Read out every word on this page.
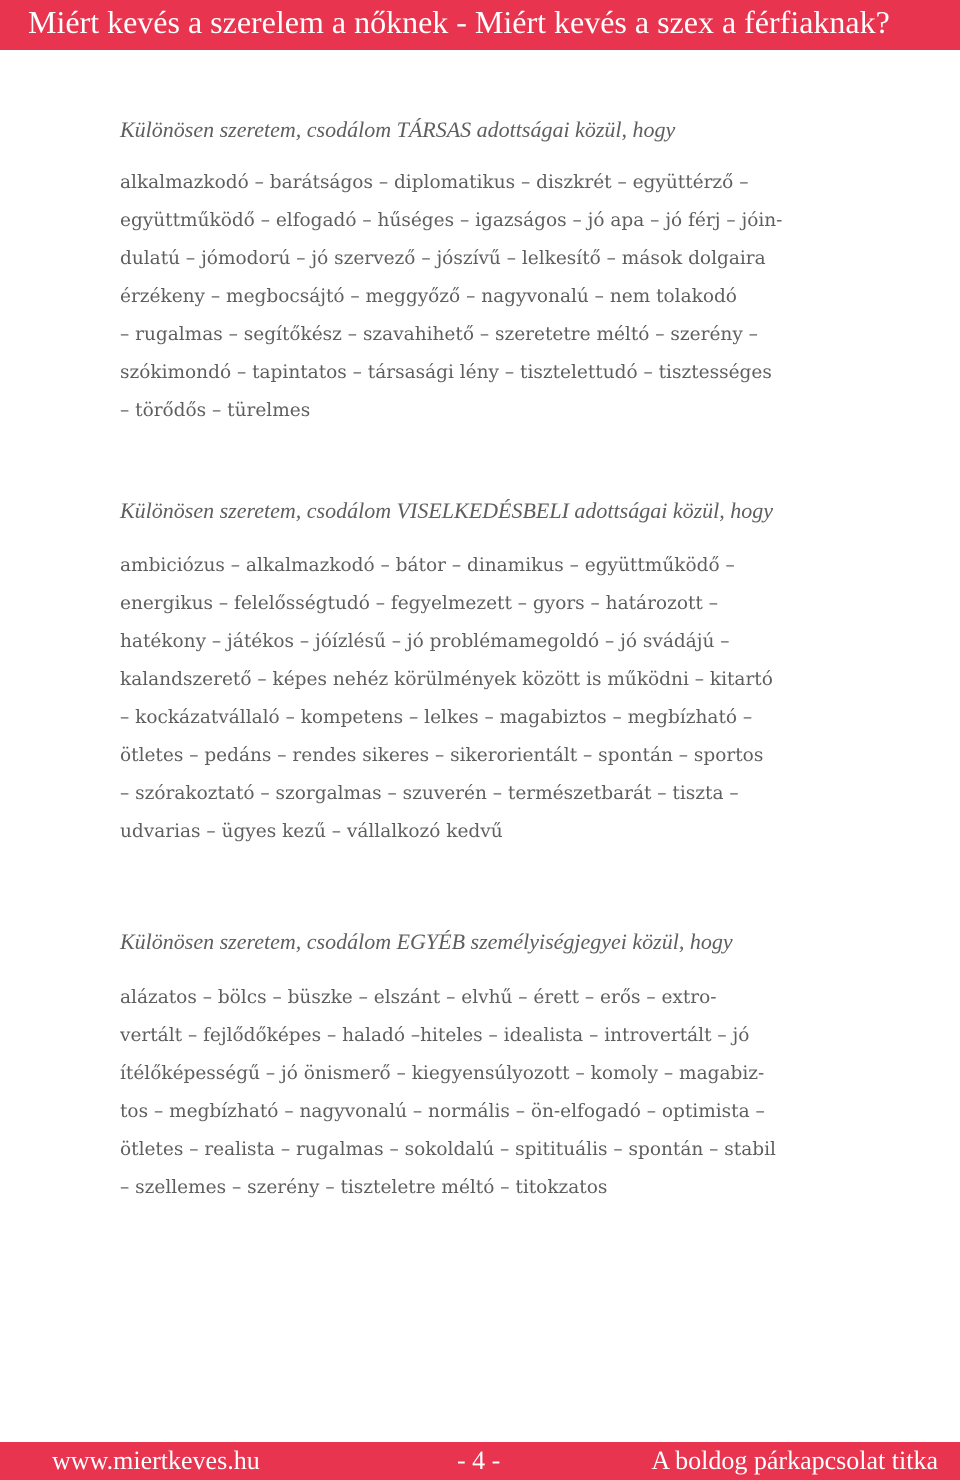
Miért kevés a szerelem a nőknek - Miért kevés a szex a férfiaknak?
Különösen szeretem, csodálom TÁRSAS adottságai közül, hogy
alkalmazkodó – barátságos – diplomatikus – diszkrét – együttérző –
együttműködő – elfogadó – hűséges – igazságos – jó apa – jó férj – jóin-
dulatú – jómodorú – jó szervező – jószívű – lelkesítő – mások dolgaira
érzékeny – megbocsájtó – meggyőző – nagyvonalú – nem tolakodó
– rugalmas – segítőkész – szavahihető – szeretetre méltó – szerény –
szókimondó – tapintatos – társasági lény – tisztelettudó – tisztességes
– törődős – türelmes
Különösen szeretem, csodálom VISELKEDÉSBELI adottságai közül, hogy
ambiciózus – alkalmazkodó – bátor – dinamikus – együttműködő –
energikus – felelősségtudó – fegyelmezett – gyors – határozott –
hatékony – játékos – jóízlésű – jó problémamegoldó – jó svádájú –
kalandszerető – képes nehéz körülmények között is működni – kitartó
– kockázatvállaló – kompetens – lelkes – magabiztos – megbízható –
ötletes – pedáns – rendes sikeres – sikerorientált – spontán – sportos
– szórakoztató – szorgalmas – szuverén – természetbarát – tiszta –
udvarias – ügyes kezű – vállalkozó kedvű
Különösen szeretem, csodálom EGYÉB személyiségjegyei közül, hogy
alázatos – bölcs – büszke – elszánt – elvhű – érett – erős – extro-
vertált – fejlődőképes – haladó –hiteles – idealista – introvertált – jó
ítélőképességű – jó önismerő – kiegyensúlyozott – komoly – magabiz-
tos – megbízható – nagyvonalú – normális – ön-elfogadó – optimista –
ötletes – realista – rugalmas – sokoldalú – spitituális – spontán – stabil
– szellemes – szerény – tiszteletre méltó – titokzatos
www.miertkeves.hu	- 4 -	A boldog párkapcsolat titka
